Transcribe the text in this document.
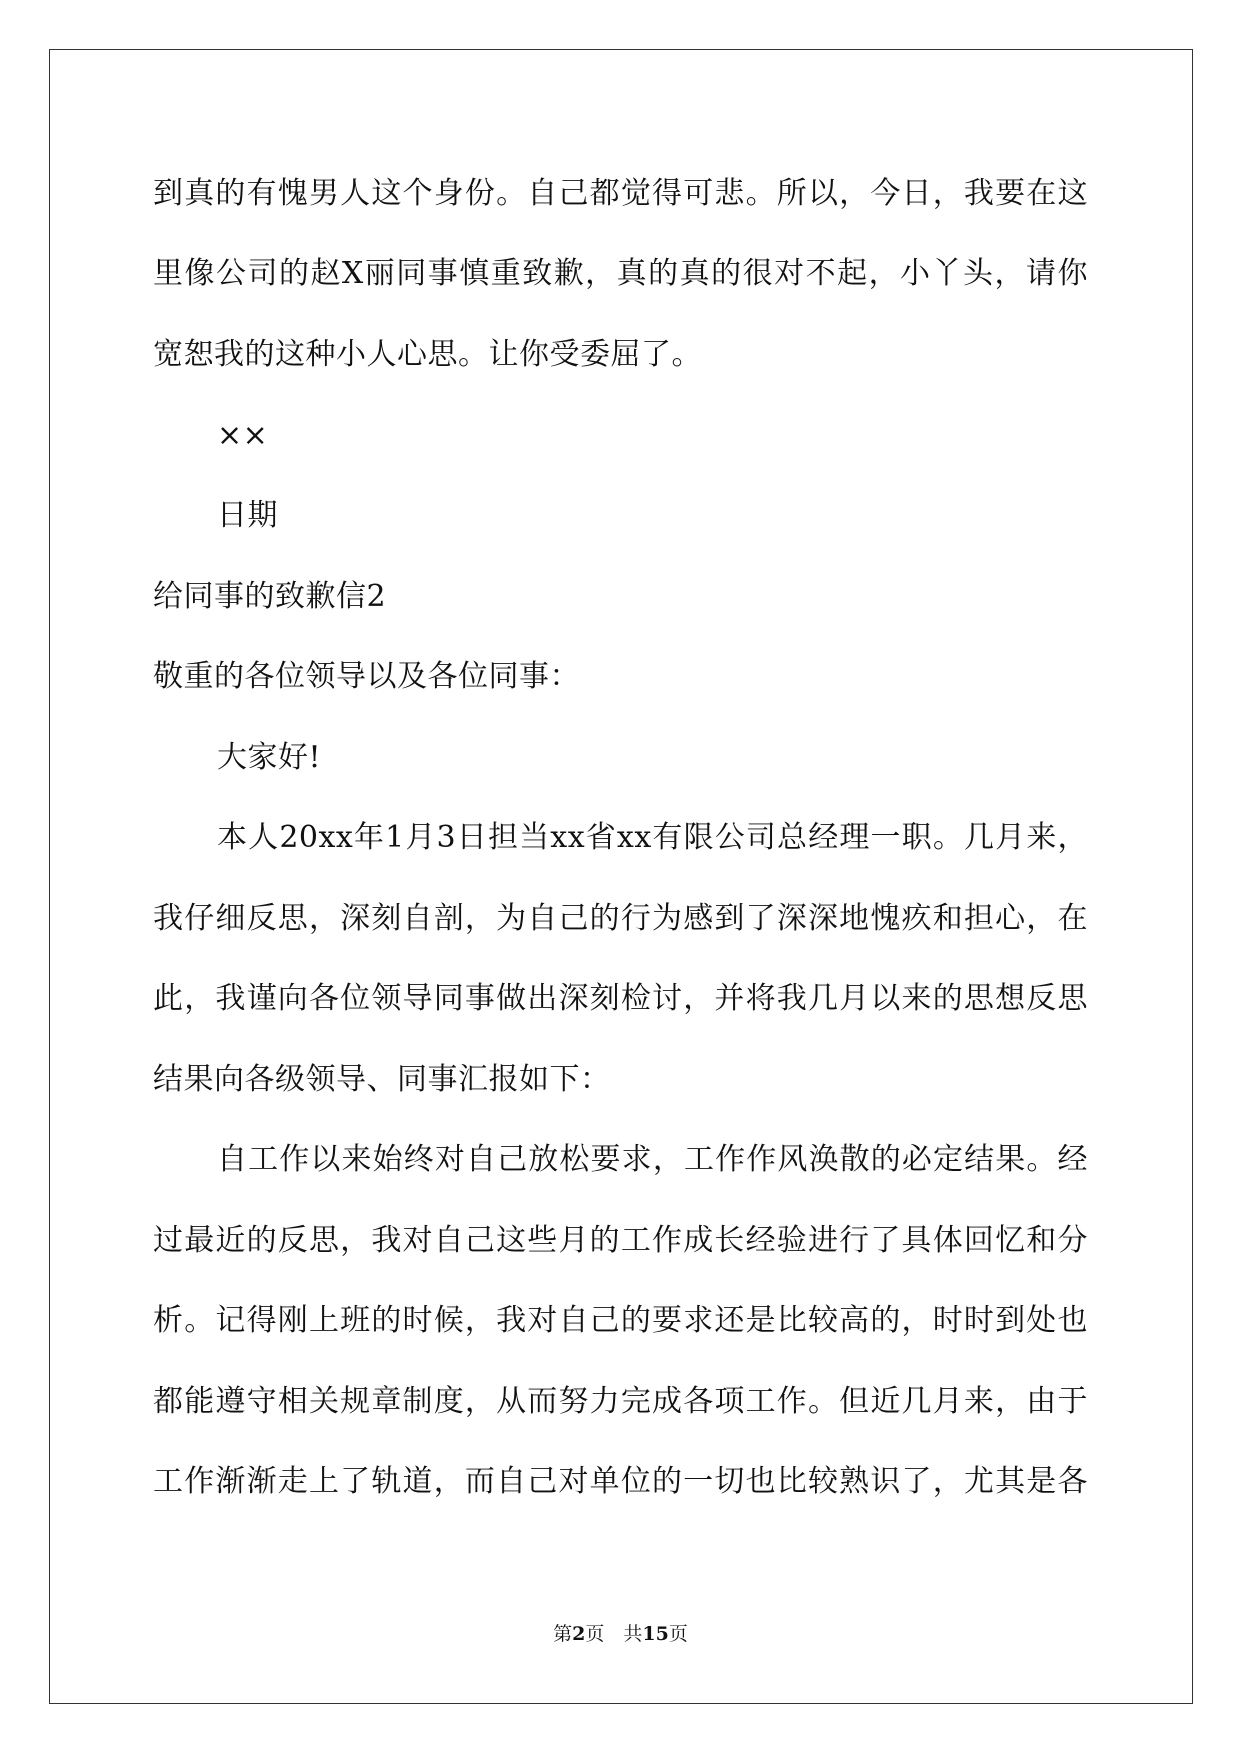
到真的有愧男人这个身份。自己都觉得可悲。所以，今日，我要在这
里像公司的赵X丽同事慎重致歉，真的真的很对不起，小丫头，请你
宽恕我的这种小人心思。让你受委屈了。
××
日期
给同事的致歉信2
敬重的各位领导以及各位同事：
大家好!
本人20xx年1月3日担当xx省xx有限公司总经理一职。几月来，
我仔细反思，深刻自剖，为自己的行为感到了深深地愧疚和担心，在
此，我谨向各位领导同事做出深刻检讨，并将我几月以来的思想反思
结果向各级领导、同事汇报如下：
自工作以来始终对自己放松要求，工作作风涣散的必定结果。经
过最近的反思，我对自己这些月的工作成长经验进行了具体回忆和分
析。记得刚上班的时候，我对自己的要求还是比较高的，时时到处也
都能遵守相关规章制度，从而努力完成各项工作。但近几月来，由于
工作渐渐走上了轨道，而自己对单位的一切也比较熟识了，尤其是各
第2页　共15页
